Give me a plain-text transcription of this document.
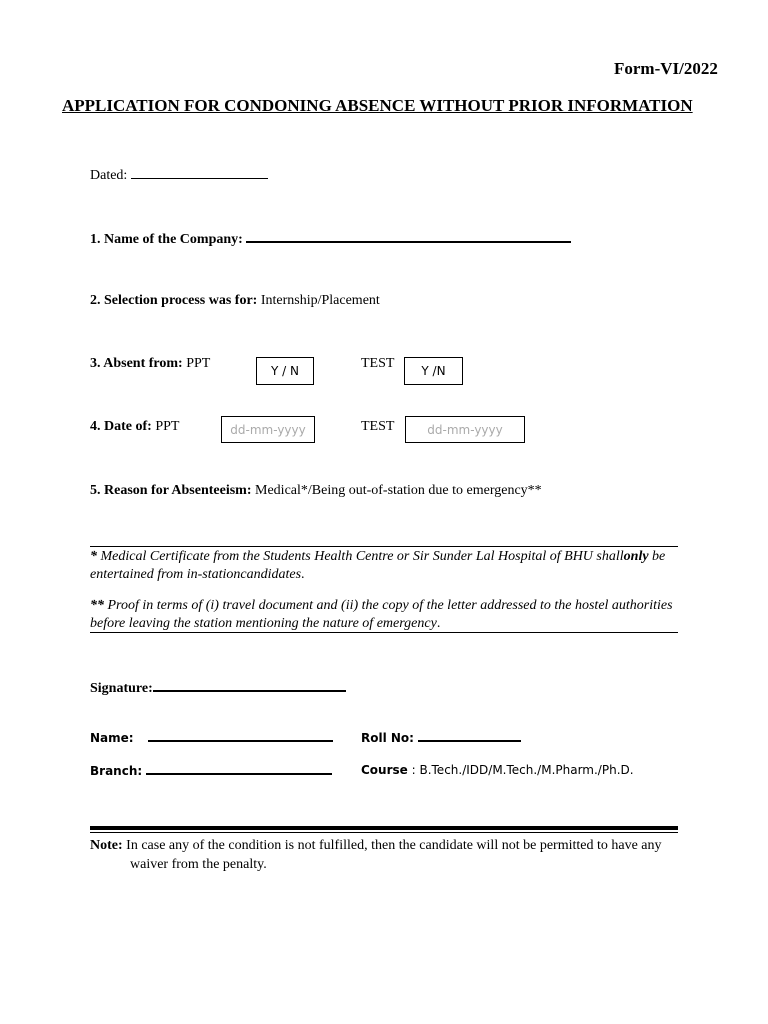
Form-VI/2022
APPLICATION FOR CONDONING ABSENCE WITHOUT PRIOR INFORMATION
Dated:
1. Name of the Company:
2. Selection process was for: Internship/Placement
3. Absent from: PPT	Y / N	TEST	Y /N
4. Date of: PPT	dd-mm-yyyy	TEST	dd-mm-yyyy
5. Reason for Absenteeism: Medical*/Being out-of-station due to emergency**
* Medical Certificate from the Students Health Centre or Sir Sunder Lal Hospital of BHU shallonly be
entertained from in-stationcandidates.
** Proof in terms of (i) travel document and (ii) the copy of the letter addressed to the hostel authorities
before leaving the station mentioning the nature of emergency.
Signature:
Name:	Roll No:
Branch:	Course : B.Tech./IDD/M.Tech./M.Pharm./Ph.D.
Note: In case any of the condition is not fulfilled, then the candidate will not be permitted to have any
waiver from the penalty.
